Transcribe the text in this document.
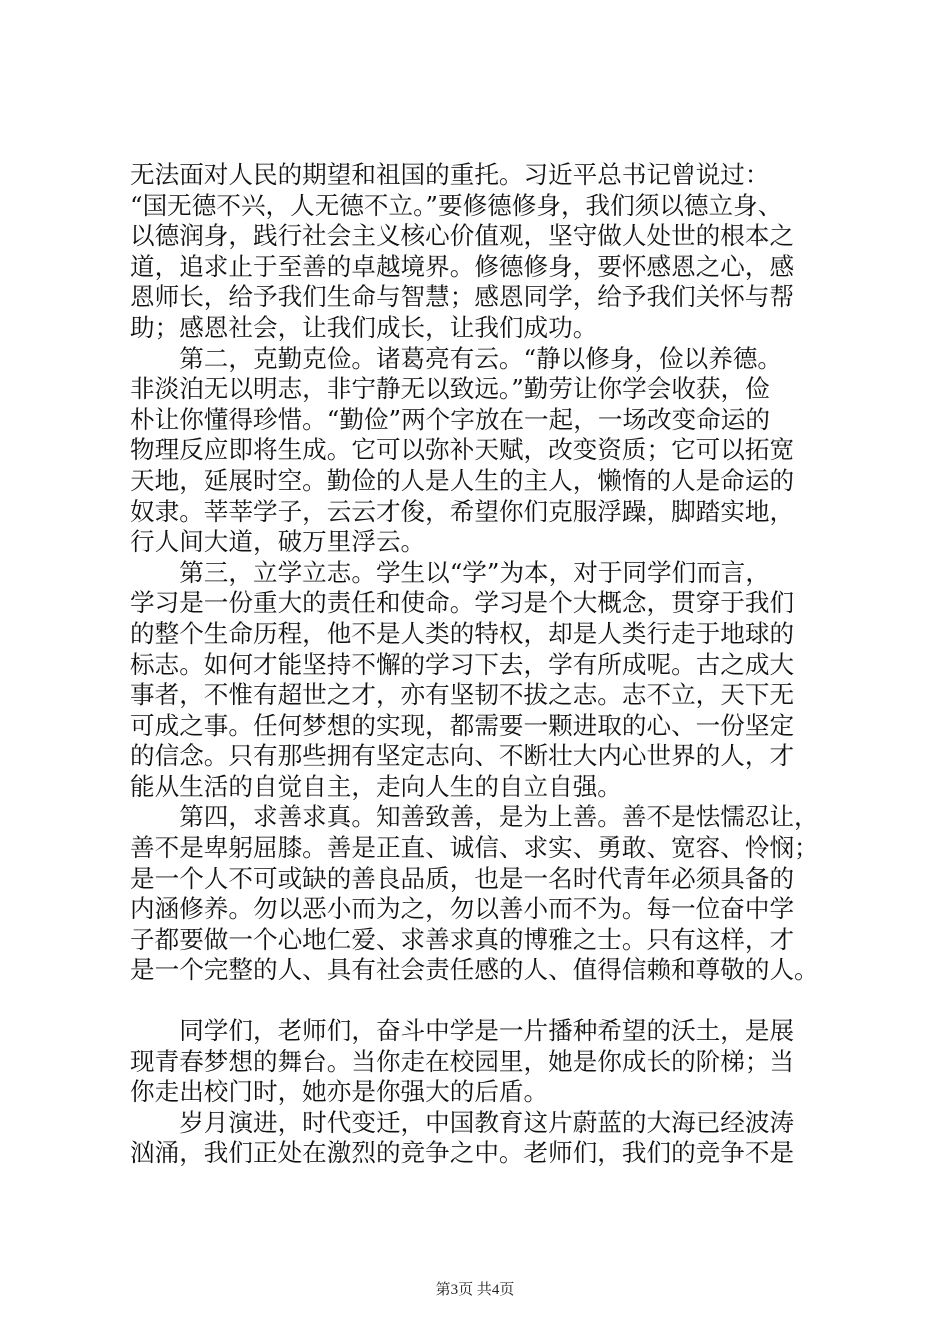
无法面对人民的期望和祖国的重托。习近平总书记曾说过：
“国无德不兴，人无德不立。”要修德修身，我们须以德立身、
以德润身，践行社会主义核心价值观，坚守做人处世的根本之
道，追求止于至善的卓越境界。修德修身，要怀感恩之心，感
恩师长，给予我们生命与智慧；感恩同学，给予我们关怀与帮
助；感恩社会，让我们成长，让我们成功。
　　第二，克勤克俭。诸葛亮有云。“静以修身，俭以养德。
非淡泊无以明志，非宁静无以致远。”勤劳让你学会收获，俭
朴让你懂得珍惜。“勤俭”两个字放在一起，一场改变命运的
物理反应即将生成。它可以弥补天赋，改变资质；它可以拓宽
天地，延展时空。勤俭的人是人生的主人，懒惰的人是命运的
奴隶。莘莘学子，云云才俊，希望你们克服浮躁，脚踏实地，
行人间大道，破万里浮云。
　　第三，立学立志。学生以“学”为本，对于同学们而言，
学习是一份重大的责任和使命。学习是个大概念，贯穿于我们
的整个生命历程，他不是人类的特权，却是人类行走于地球的
标志。如何才能坚持不懈的学习下去，学有所成呢。古之成大
事者，不惟有超世之才，亦有坚韧不拔之志。志不立，天下无
可成之事。任何梦想的实现，都需要一颗进取的心、一份坚定
的信念。只有那些拥有坚定志向、不断壮大内心世界的人，才
能从生活的自觉自主，走向人生的自立自强。
　　第四，求善求真。知善致善，是为上善。善不是怯懦忍让，
善不是卑躬屈膝。善是正直、诚信、求实、勇敢、宽容、怜悯；
是一个人不可或缺的善良品质，也是一名时代青年必须具备的
内涵修养。勿以恶小而为之，勿以善小而不为。每一位奋中学
子都要做一个心地仁爱、求善求真的博雅之士。只有这样，才
是一个完整的人、具有社会责任感的人、值得信赖和尊敬的人。
　　同学们，老师们，奋斗中学是一片播种希望的沃土，是展
现青春梦想的舞台。当你走在校园里，她是你成长的阶梯；当
你走出校门时，她亦是你强大的后盾。
　　岁月演进，时代变迁，中国教育这片蔚蓝的大海已经波涛
汹涌，我们正处在激烈的竞争之中。老师们，我们的竞争不是
第3页 共4页
